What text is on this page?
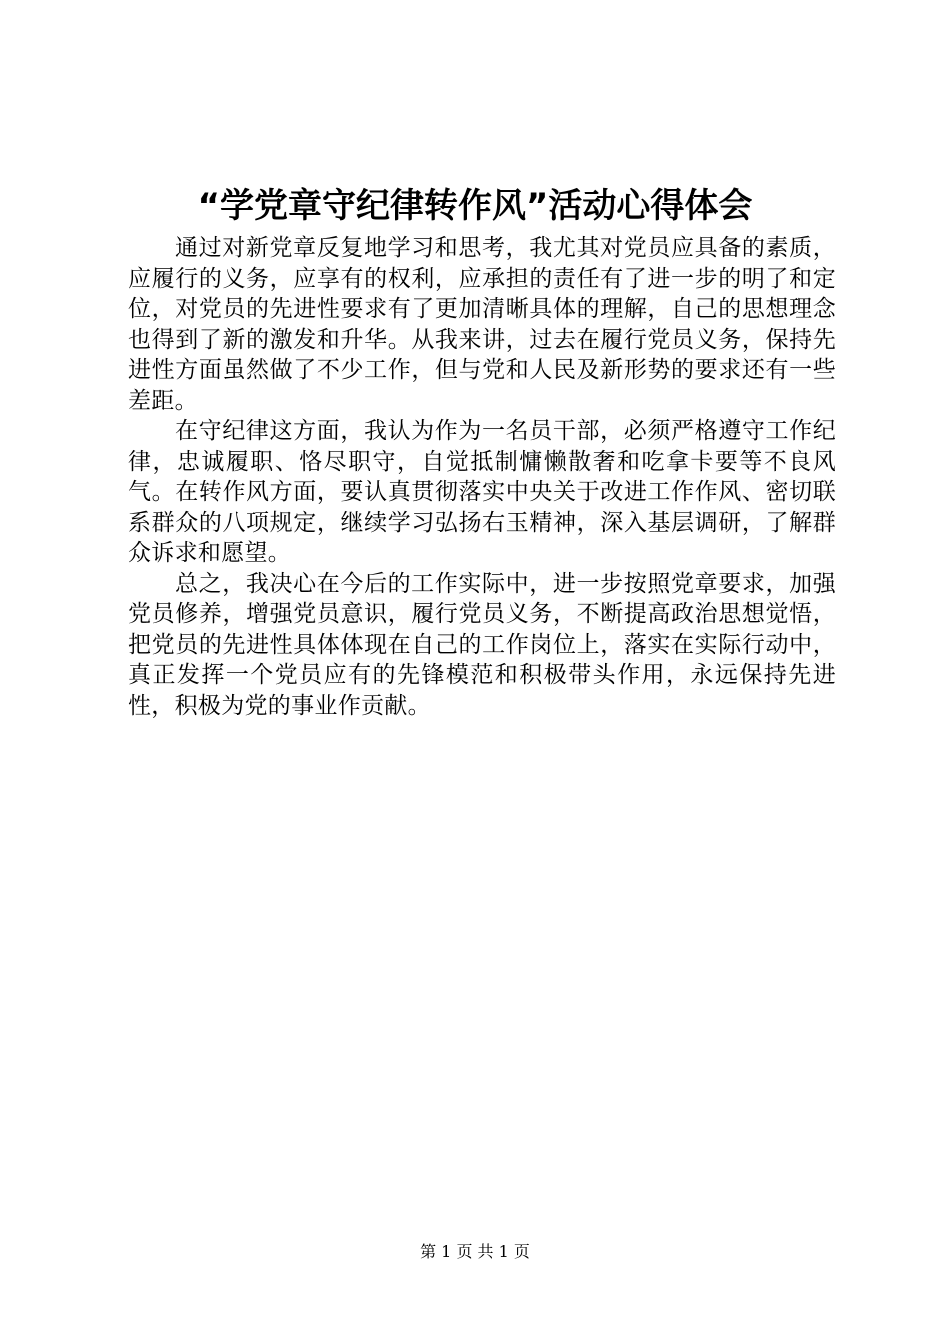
“学党章守纪律转作风”活动心得体会

通过对新党章反复地学习和思考，我尤其对党员应具备的素质，应履行的义务，应享有的权利，应承担的责任有了进一步的明了和定位，对党员的先进性要求有了更加清晰具体的理解，自己的思想理念也得到了新的激发和升华。从我来讲，过去在履行党员义务，保持先进性方面虽然做了不少工作，但与党和人民及新形势的要求还有一些差距。

在守纪律这方面，我认为作为一名员干部，必须严格遵守工作纪律，忠诚履职、恪尽职守，自觉抵制慵懒散奢和吃拿卡要等不良风气。在转作风方面，要认真贯彻落实中央关于改进工作作风、密切联系群众的八项规定，继续学习弘扬右玉精神，深入基层调研，了解群众诉求和愿望。

总之，我决心在今后的工作实际中，进一步按照党章要求，加强党员修养，增强党员意识，履行党员义务，不断提高政治思想觉悟，把党员的先进性具体体现在自己的工作岗位上，落实在实际行动中，真正发挥一个党员应有的先锋模范和积极带头作用，永远保持先进性，积极为党的事业作贡献。

第 1 页 共 1 页
